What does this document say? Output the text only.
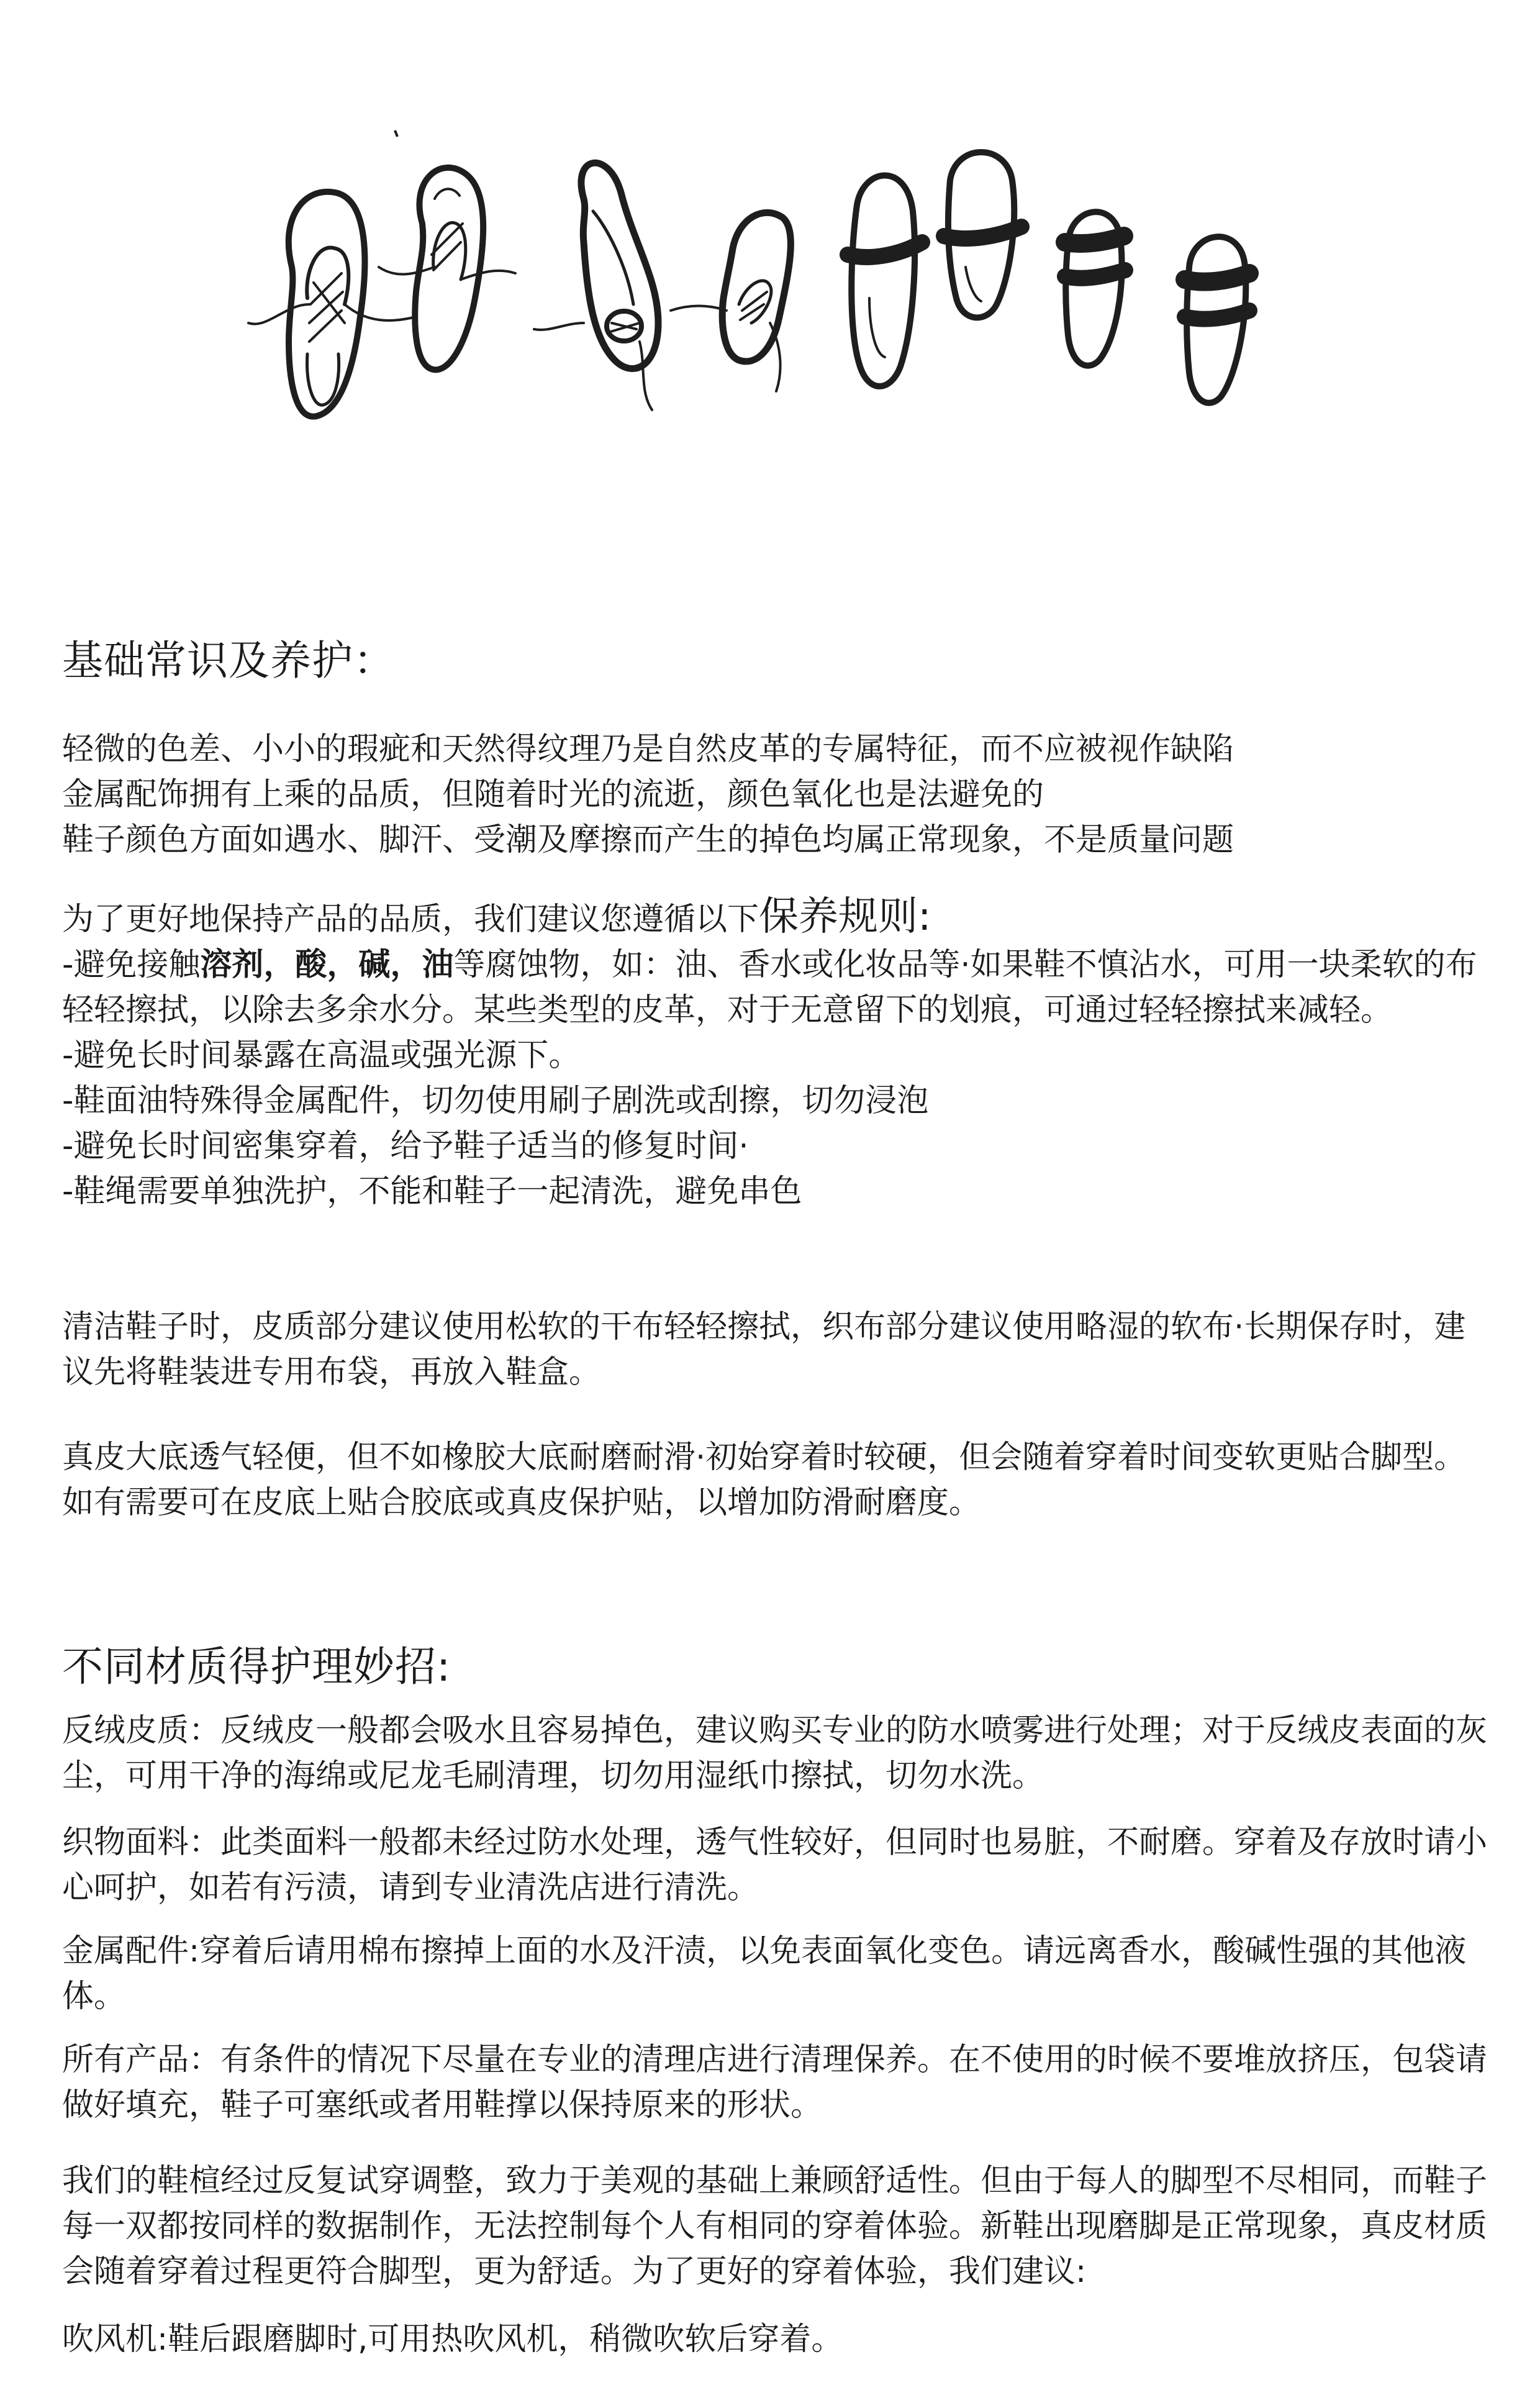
基础常识及养护：

轻微的色差、小小的瑕疵和天然得纹理乃是自然皮革的专属特征，而不应被视作缺陷
金属配饰拥有上乘的品质，但随着时光的流逝，颜色氧化也是法避免的
鞋子颜色方面如遇水、脚汗、受潮及摩擦而产生的掉色均属正常现象，不是质量问题

为了更好地保持产品的品质，我们建议您遵循以下保养规则:
-避免接触溶剂，酸，碱，油等腐蚀物，如：油、香水或化妆品等·如果鞋不慎沾水，可用一块柔软的布轻轻擦拭，以除去多余水分。某些类型的皮革，对于无意留下的划痕，可通过轻轻擦拭来减轻。
-避免长时间暴露在高温或强光源下。
-鞋面油特殊得金属配件，切勿使用刷子剧洗或刮擦，切勿浸泡
-避免长时间密集穿着，给予鞋子适当的修复时间·
-鞋绳需要单独洗护，不能和鞋子一起清洗，避免串色

清洁鞋子时，皮质部分建议使用松软的干布轻轻擦拭，织布部分建议使用略湿的软布·长期保存时，建议先将鞋装进专用布袋，再放入鞋盒。

真皮大底透气轻便，但不如橡胶大底耐磨耐滑·初始穿着时较硬，但会随着穿着时间变软更贴合脚型。如有需要可在皮底上贴合胶底或真皮保护贴，以增加防滑耐磨度。

不同材质得护理妙招:

反绒皮质：反绒皮一般都会吸水且容易掉色，建议购买专业的防水喷雾进行处理；对于反绒皮表面的灰尘，可用干净的海绵或尼龙毛刷清理，切勿用湿纸巾擦拭，切勿水洗。

织物面料：此类面料一般都未经过防水处理，透气性较好，但同时也易脏，不耐磨。穿着及存放时请小心呵护，如若有污渍，请到专业清洗店进行清洗。

金属配件:穿着后请用棉布擦掉上面的水及汗渍，以免表面氧化变色。请远离香水，酸碱性强的其他液体。

所有产品：有条件的情况下尽量在专业的清理店进行清理保养。在不使用的时候不要堆放挤压，包袋请做好填充，鞋子可塞纸或者用鞋撑以保持原来的形状。

我们的鞋楦经过反复试穿调整，致力于美观的基础上兼顾舒适性。但由于每人的脚型不尽相同，而鞋子每一双都按同样的数据制作，无法控制每个人有相同的穿着体验。新鞋出现磨脚是正常现象，真皮材质会随着穿着过程更符合脚型，更为舒适。为了更好的穿着体验，我们建议:

吹风机:鞋后跟磨脚时,可用热吹风机，稍微吹软后穿着。
